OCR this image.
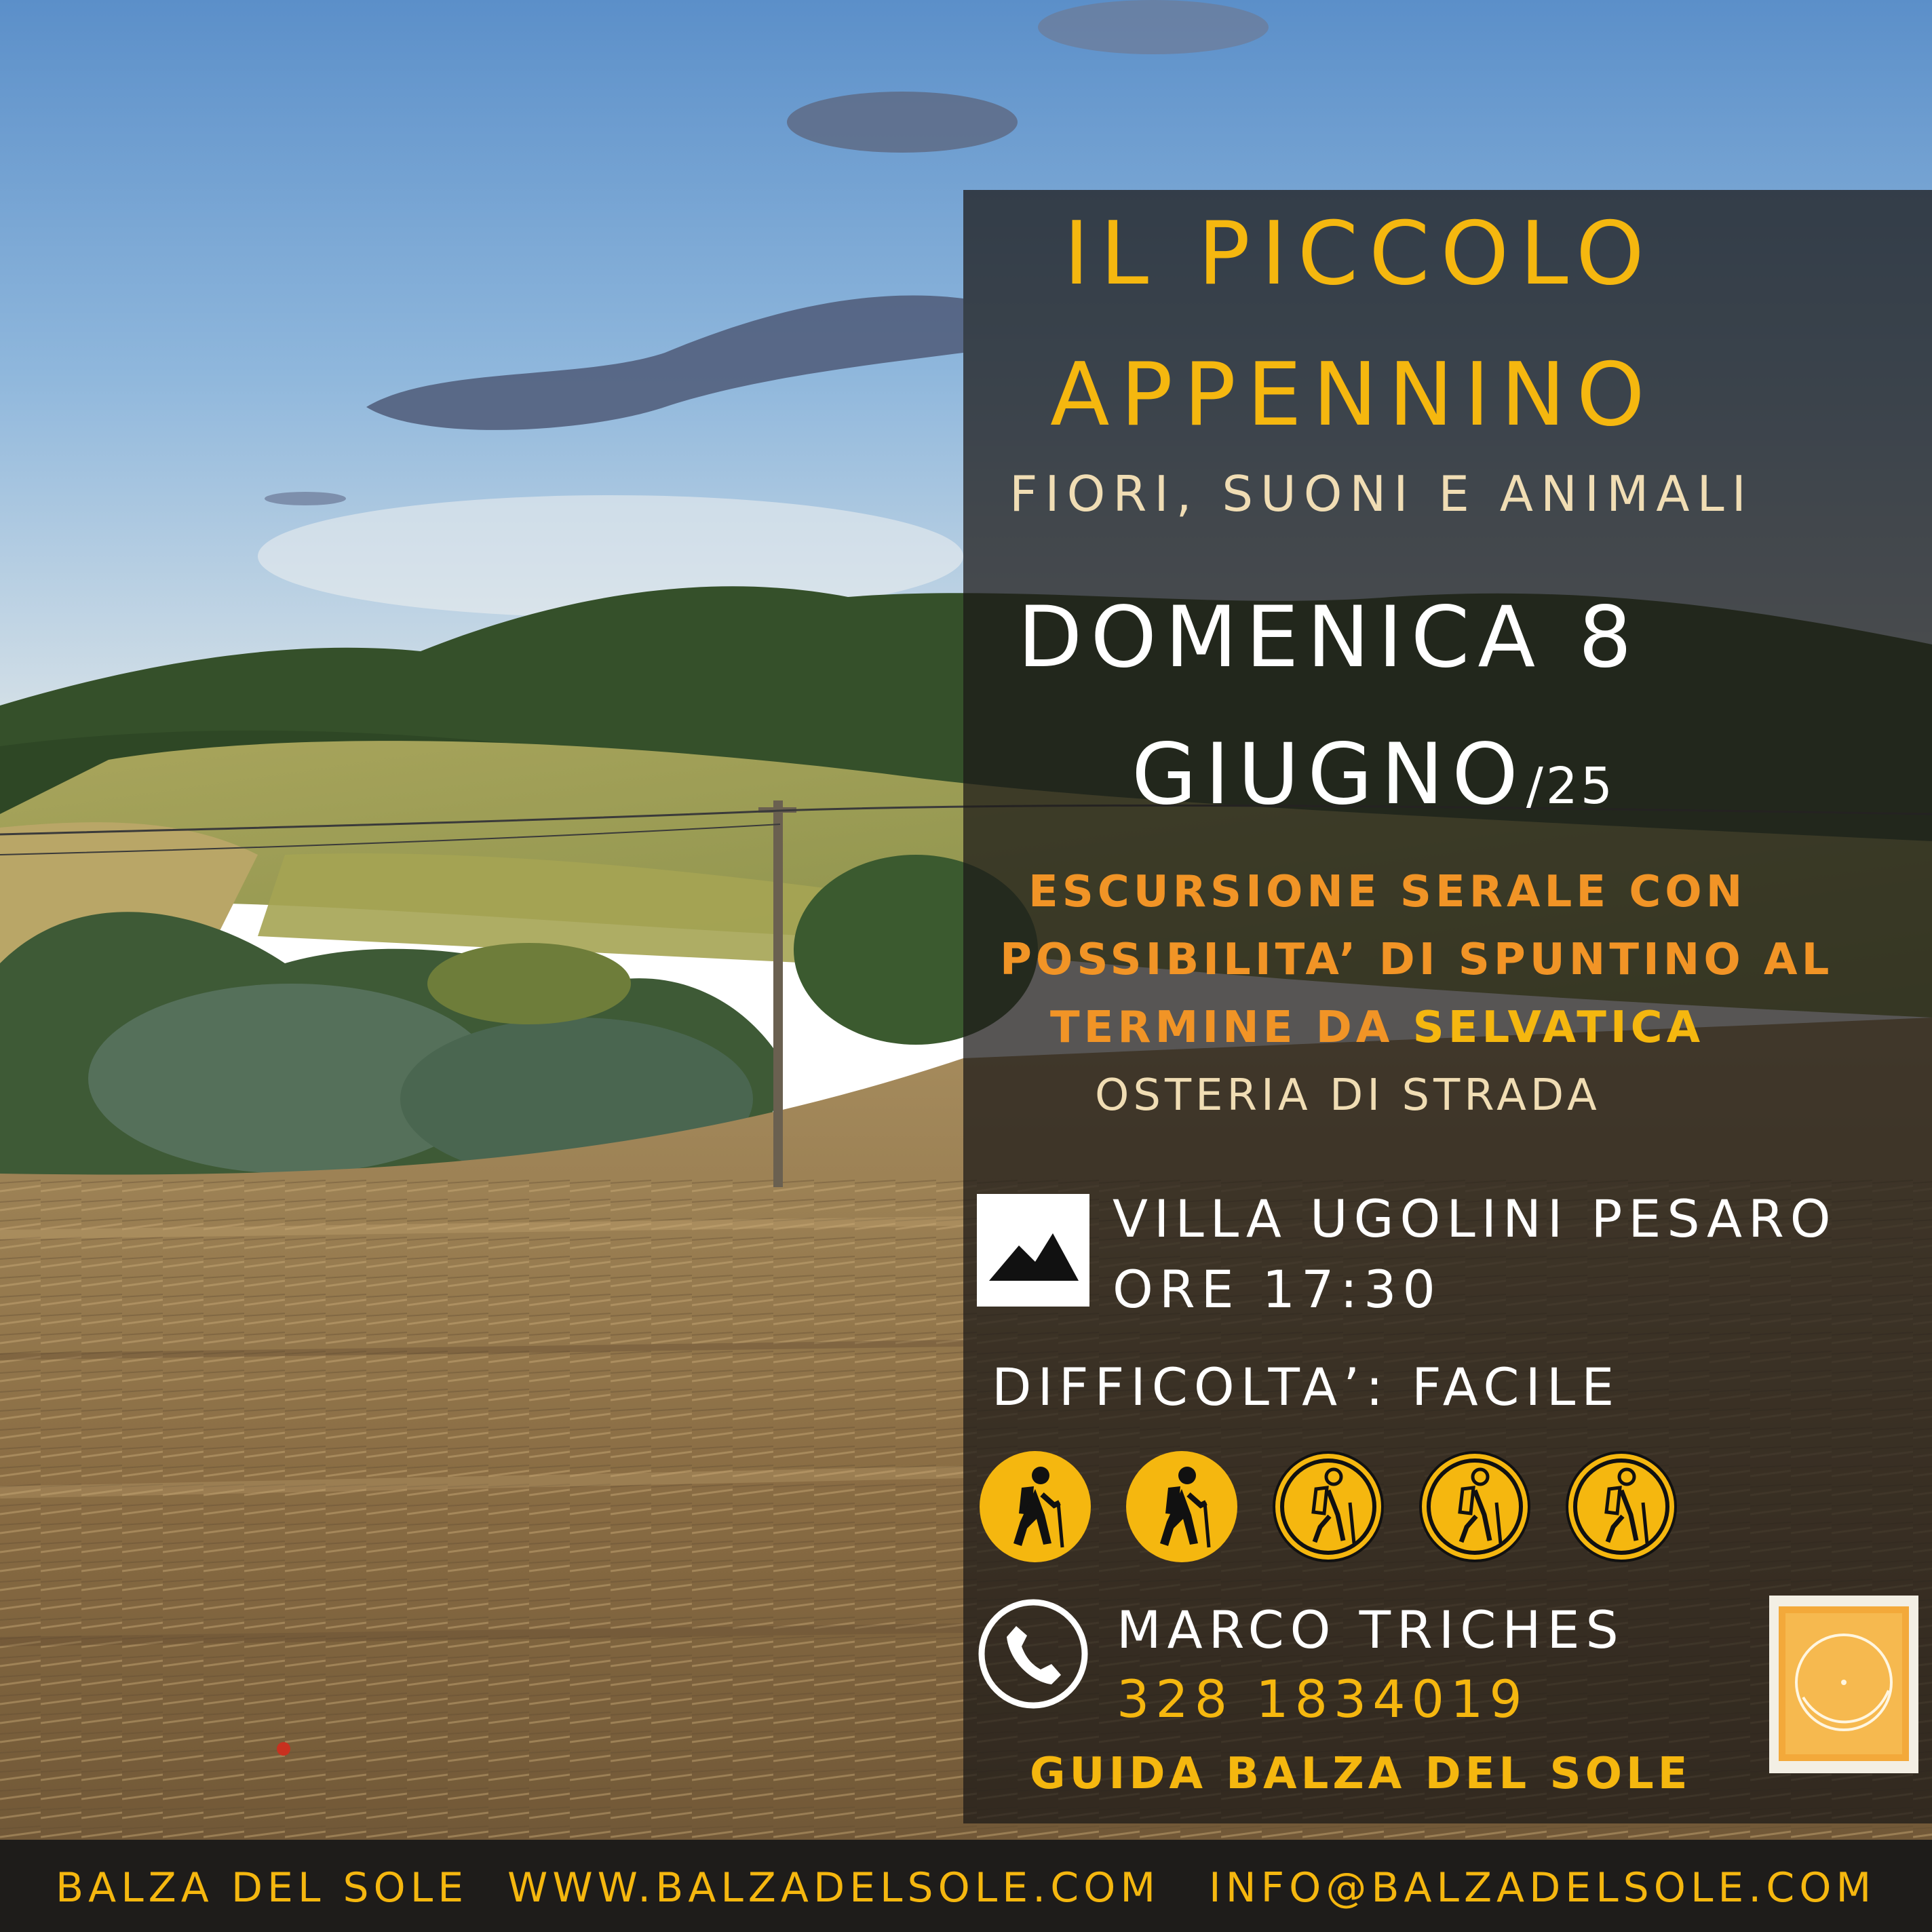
IL PICCOLO
APPENNINO
FIORI, SUONI E ANIMALI
DOMENICA 8
GIUGNO/25
ESCURSIONE SERALE CON
POSSIBILITA’ DI SPUNTINO AL
TERMINE DA SELVATICA
OSTERIA DI STRADA
VILLA UGOLINI PESARO
ORE 17:30
DIFFICOLTA’: FACILE
MARCO TRICHES
328 1834019
GUIDA BALZA DEL SOLE
BALZA DEL SOLE WWW.BALZADELSOLE.COM INFO@BALZADELSOLE.COM
